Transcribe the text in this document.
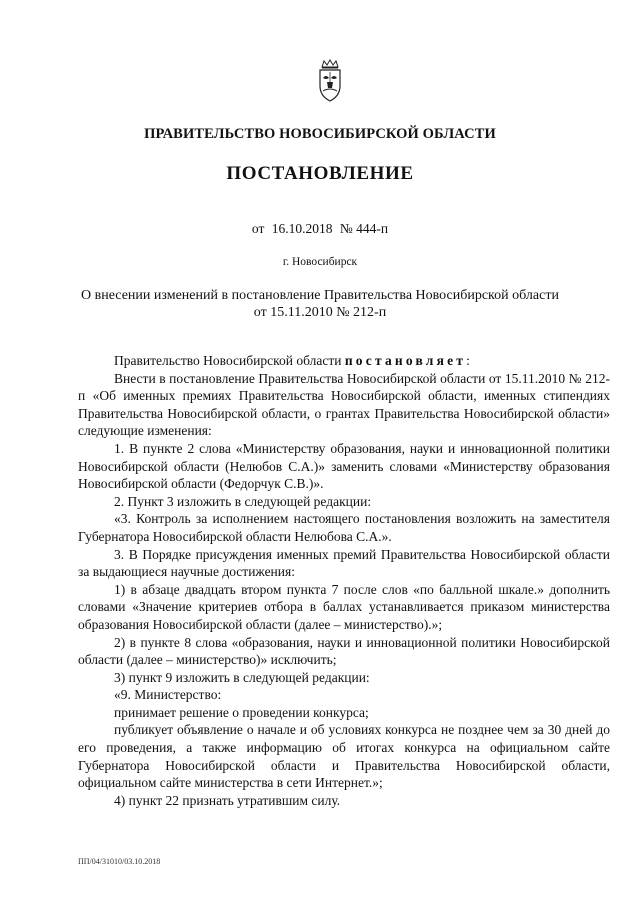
ПРАВИТЕЛЬСТВО НОВОСИБИРСКОЙ ОБЛАСТИ
ПОСТАНОВЛЕНИЕ
от 16.10.2018 № 444-п
г. Новосибирск
О внесении изменений в постановление Правительства Новосибирской области
от 15.11.2010 № 212-п

Правительство Новосибирской области постановляет:

Внести в постановление Правительства Новосибирской области от 15.11.2010 № 212-п «Об именных премиях Правительства Новосибирской области, именных стипендиях Правительства Новосибирской области, о грантах Правительства Новосибирской области» следующие изменения:

1. В пункте 2 слова «Министерству образования, науки и инновационной политики Новосибирской области (Нелюбов С.А.)» заменить словами «Министерству образования Новосибирской области (Федорчук С.В.)».

2. Пункт 3 изложить в следующей редакции:

«3. Контроль за исполнением настоящего постановления возложить на заместителя Губернатора Новосибирской области Нелюбова С.А.».

3. В Порядке присуждения именных премий Правительства Новосибирской области за выдающиеся научные достижения:

1) в абзаце двадцать втором пункта 7 после слов «по балльной шкале.» дополнить словами «Значение критериев отбора в баллах устанавливается приказом министерства образования Новосибирской области (далее – министерство).»;

2) в пункте 8 слова «образования, науки и инновационной политики Новосибирской области (далее – министерство)» исключить;

3) пункт 9 изложить в следующей редакции:

«9. Министерство:

принимает решение о проведении конкурса;

публикует объявление о начале и об условиях конкурса не позднее чем за 30 дней до его проведения, а также информацию об итогах конкурса на официальном сайте Губернатора Новосибирской области и Правительства Новосибирской области, официальном сайте министерства в сети Интернет.»;

4) пункт 22 признать утратившим силу.

ПП/04/31010/03.10.2018
